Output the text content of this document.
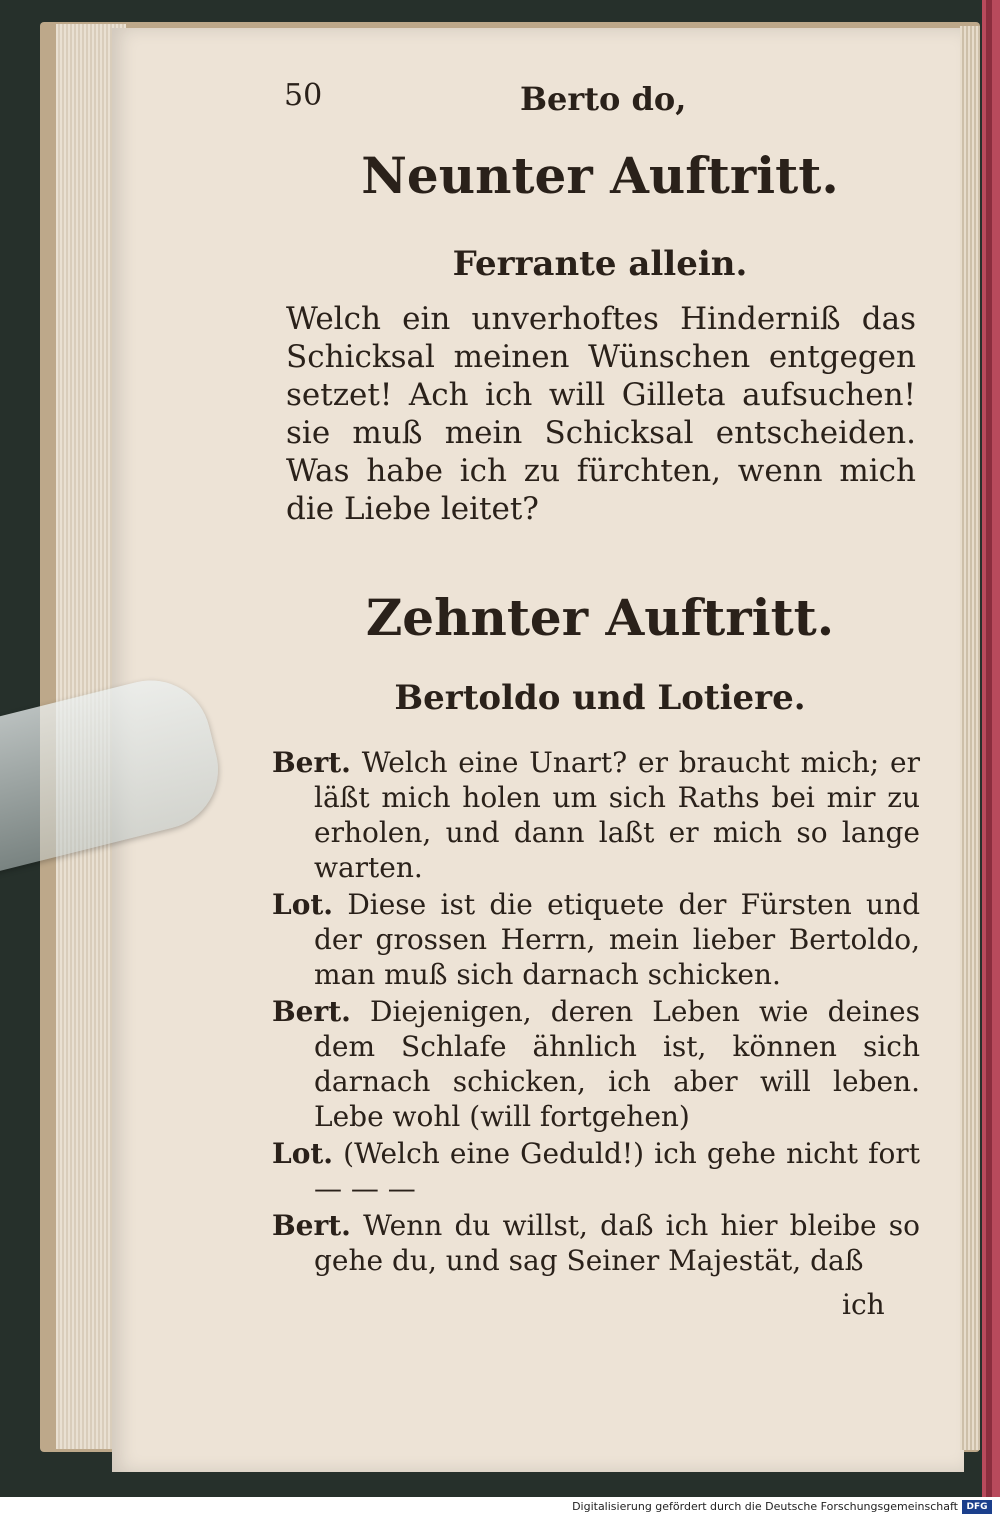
50	Berto do,
Neunter Auftritt.
Ferrante allein.
Welch ein unverhoftes Hinderniß das Schicksal meinen Wünschen entgegen setzet! Ach ich will Gilleta aufsuchen! sie muß mein Schicksal entscheiden. Was habe ich zu fürchten, wenn mich die Liebe leitet?
Zehnter Auftritt.
Bertoldo und Lotiere.
Bert. Welch eine Unart? er braucht mich; er läßt mich holen um sich Raths bei mir zu erholen, und dann laßt er mich so lange warten.
Lot. Diese ist die etiquete der Fürsten und der grossen Herrn, mein lieber Bertoldo, man muß sich darnach schicken.
Bert. Diejenigen, deren Leben wie deines dem Schlafe ähnlich ist, können sich darnach schicken, ich aber will leben. Lebe wohl (will fortgehen)
Lot. (Welch eine Geduld!) ich gehe nicht fort — — —
Bert. Wenn du willst, daß ich hier bleibe so gehe du, und sag Seiner Majestät, daß
ich
Digitalisierung gefördert durch die Deutsche Forschungsgemeinschaft DFG
